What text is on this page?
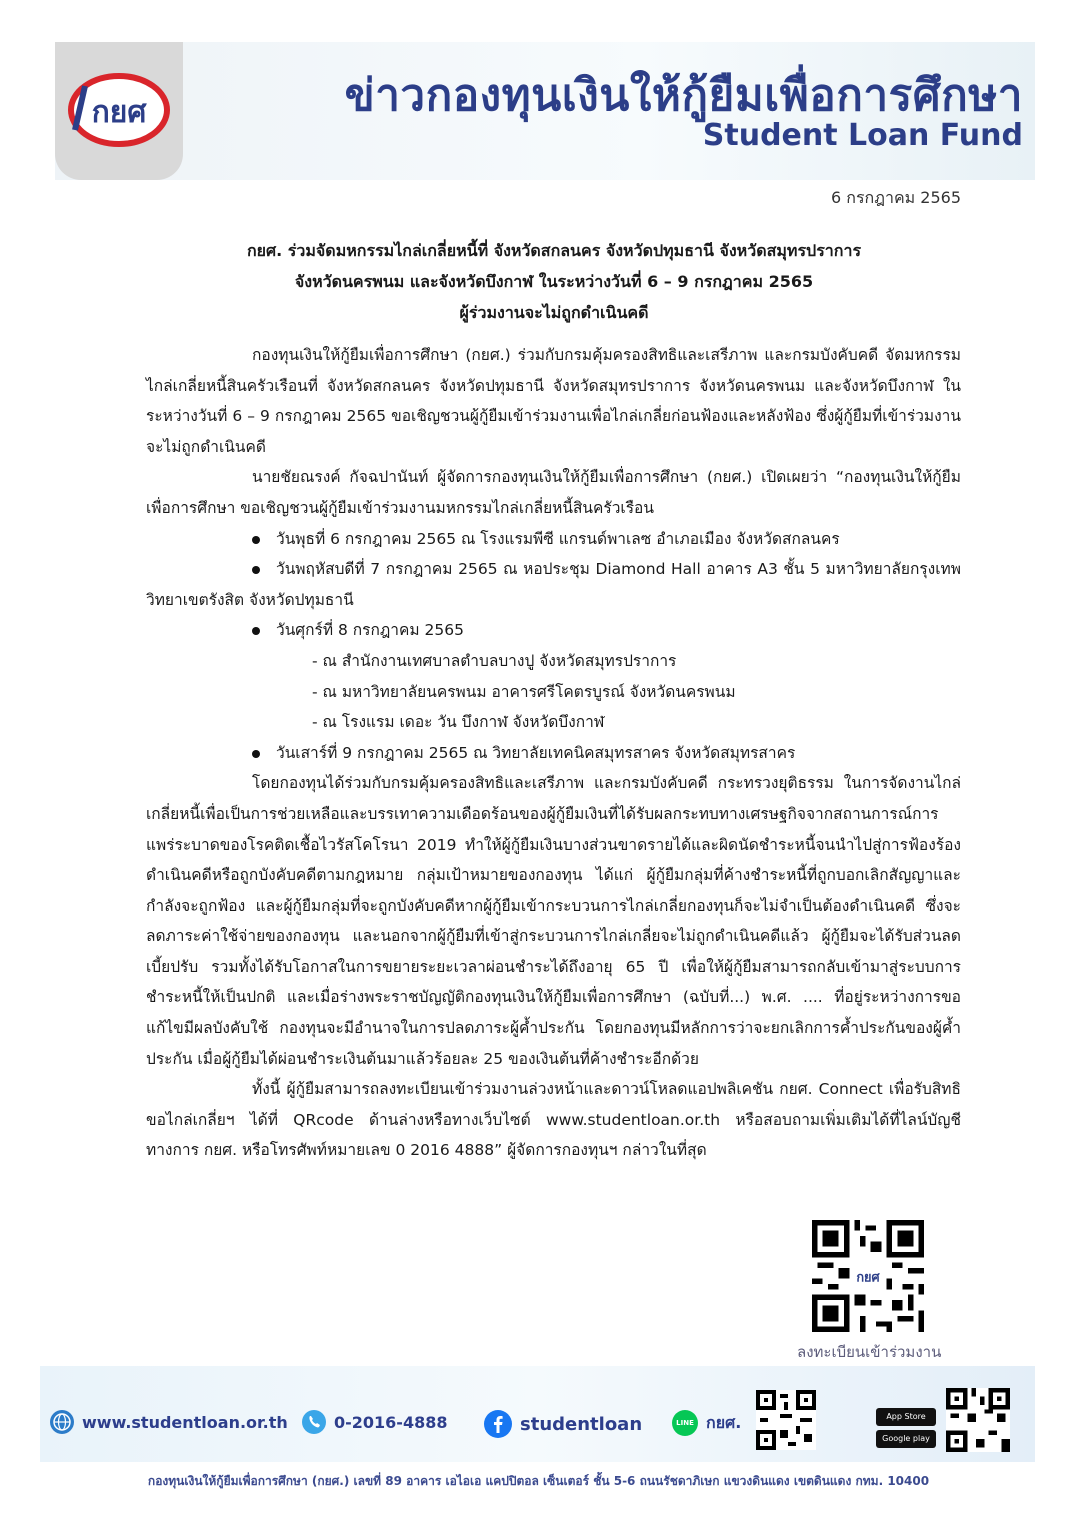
กยศ	ข่าวกองทุนเงินให้กู้ยืมเพื่อการศึกษา
Student Loan Fund
6 กรกฎาคม 2565
กยศ. ร่วมจัดมหกรรมไกล่เกลี่ยหนี้ที่ จังหวัดสกลนคร จังหวัดปทุมธานี จังหวัดสมุทรปราการ
จังหวัดนครพนม และจังหวัดบึงกาฬ ในระหว่างวันที่ 6 – 9 กรกฎาคม 2565
ผู้ร่วมงานจะไม่ถูกดำเนินคดี

กองทุนเงินให้กู้ยืมเพื่อการศึกษา (กยศ.) ร่วมกับกรมคุ้มครองสิทธิและเสรีภาพ และกรมบังคับคดี จัดมหกรรมไกล่เกลี่ยหนี้สินครัวเรือนที่ จังหวัดสกลนคร จังหวัดปทุมธานี จังหวัดสมุทรปราการ จังหวัดนครพนม และจังหวัดบึงกาฬ ในระหว่างวันที่ 6 – 9 กรกฎาคม 2565 ขอเชิญชวนผู้กู้ยืมเข้าร่วมงานเพื่อไกล่เกลี่ยก่อนฟ้องและหลังฟ้อง ซึ่งผู้กู้ยืมที่เข้าร่วมงานจะไม่ถูกดำเนินคดี

นายชัยณรงค์ กัจฉปานันท์ ผู้จัดการกองทุนเงินให้กู้ยืมเพื่อการศึกษา (กยศ.) เปิดเผยว่า “กองทุนเงินให้กู้ยืมเพื่อการศึกษา ขอเชิญชวนผู้กู้ยืมเข้าร่วมงานมหกรรมไกล่เกลี่ยหนี้สินครัวเรือน

วันพุธที่ 6 กรกฎาคม 2565 ณ โรงแรมพีซี แกรนด์พาเลซ อำเภอเมือง จังหวัดสกลนคร

วันพฤหัสบดีที่ 7 กรกฎาคม 2565 ณ หอประชุม Diamond Hall อาคาร A3 ชั้น 5 มหาวิทยาลัยกรุงเทพ วิทยาเขตรังสิต จังหวัดปทุมธานี

วันศุกร์ที่ 8 กรกฎาคม 2565

- ณ สำนักงานเทศบาลตำบลบางปู จังหวัดสมุทรปราการ

- ณ มหาวิทยาลัยนครพนม อาคารศรีโคตรบูรณ์ จังหวัดนครพนม

- ณ โรงแรม เดอะ วัน บึงกาฬ จังหวัดบึงกาฬ

วันเสาร์ที่ 9 กรกฎาคม 2565 ณ วิทยาลัยเทคนิคสมุทรสาคร จังหวัดสมุทรสาคร

โดยกองทุนได้ร่วมกับกรมคุ้มครองสิทธิและเสรีภาพ และกรมบังคับคดี กระทรวงยุติธรรม ในการจัดงานไกล่เกลี่ยหนี้เพื่อเป็นการช่วยเหลือและบรรเทาความเดือดร้อนของผู้กู้ยืมเงินที่ได้รับผลกระทบทางเศรษฐกิจจากสถานการณ์การแพร่ระบาดของโรคติดเชื้อไวรัสโคโรนา 2019 ทำให้ผู้กู้ยืมเงินบางส่วนขาดรายได้และผิดนัดชำระหนี้จนนำไปสู่การฟ้องร้องดำเนินคดีหรือถูกบังคับคดีตามกฎหมาย กลุ่มเป้าหมายของกองทุน ได้แก่ ผู้กู้ยืมกลุ่มที่ค้างชำระหนี้ที่ถูกบอกเลิกสัญญาและกำลังจะถูกฟ้อง และผู้กู้ยืมกลุ่มที่จะถูกบังคับคดีหากผู้กู้ยืมเข้ากระบวนการไกล่เกลี่ยกองทุนก็จะไม่จำเป็นต้องดำเนินคดี ซึ่งจะลดภาระค่าใช้จ่ายของกองทุน และนอกจากผู้กู้ยืมที่เข้าสู่กระบวนการไกล่เกลี่ยจะไม่ถูกดำเนินคดีแล้ว ผู้กู้ยืมจะได้รับส่วนลดเบี้ยปรับ รวมทั้งได้รับโอกาสในการขยายระยะเวลาผ่อนชำระได้ถึงอายุ 65 ปี เพื่อให้ผู้กู้ยืมสามารถกลับเข้ามาสู่ระบบการชำระหนี้ให้เป็นปกติ และเมื่อร่างพระราชบัญญัติกองทุนเงินให้กู้ยืมเพื่อการศึกษา (ฉบับที่...) พ.ศ. .... ที่อยู่ระหว่างการขอแก้ไขมีผลบังคับใช้ กองทุนจะมีอำนาจในการปลดภาระผู้ค้ำประกัน โดยกองทุนมีหลักการว่าจะยกเลิกการค้ำประกันของผู้ค้ำประกัน เมื่อผู้กู้ยืมได้ผ่อนชำระเงินต้นมาแล้วร้อยละ 25 ของเงินต้นที่ค้างชำระอีกด้วย

ทั้งนี้ ผู้กู้ยืมสามารถลงทะเบียนเข้าร่วมงานล่วงหน้าและดาวน์โหลดแอปพลิเคชัน กยศ. Connect เพื่อรับสิทธิขอไกล่เกลี่ยฯ ได้ที่ QRcode ด้านล่างหรือทางเว็บไซต์ www.studentloan.or.th หรือสอบถามเพิ่มเติมได้ที่ไลน์บัญชีทางการ กยศ. หรือโทรศัพท์หมายเลข 0 2016 4888” ผู้จัดการกองทุนฯ กล่าวในที่สุด

กยศ
ลงทะเบียนเข้าร่วมงาน
www.studentloan.or.th	0-2016-4888	studentloan	LINE กยศ.	App Store
Google play
กองทุนเงินให้กู้ยืมเพื่อการศึกษา (กยศ.) เลขที่ 89 อาคาร เอไอเอ แคปปิตอล เซ็นเตอร์ ชั้น 5-6 ถนนรัชดาภิเษก แขวงดินแดง เขตดินแดง กทม. 10400
